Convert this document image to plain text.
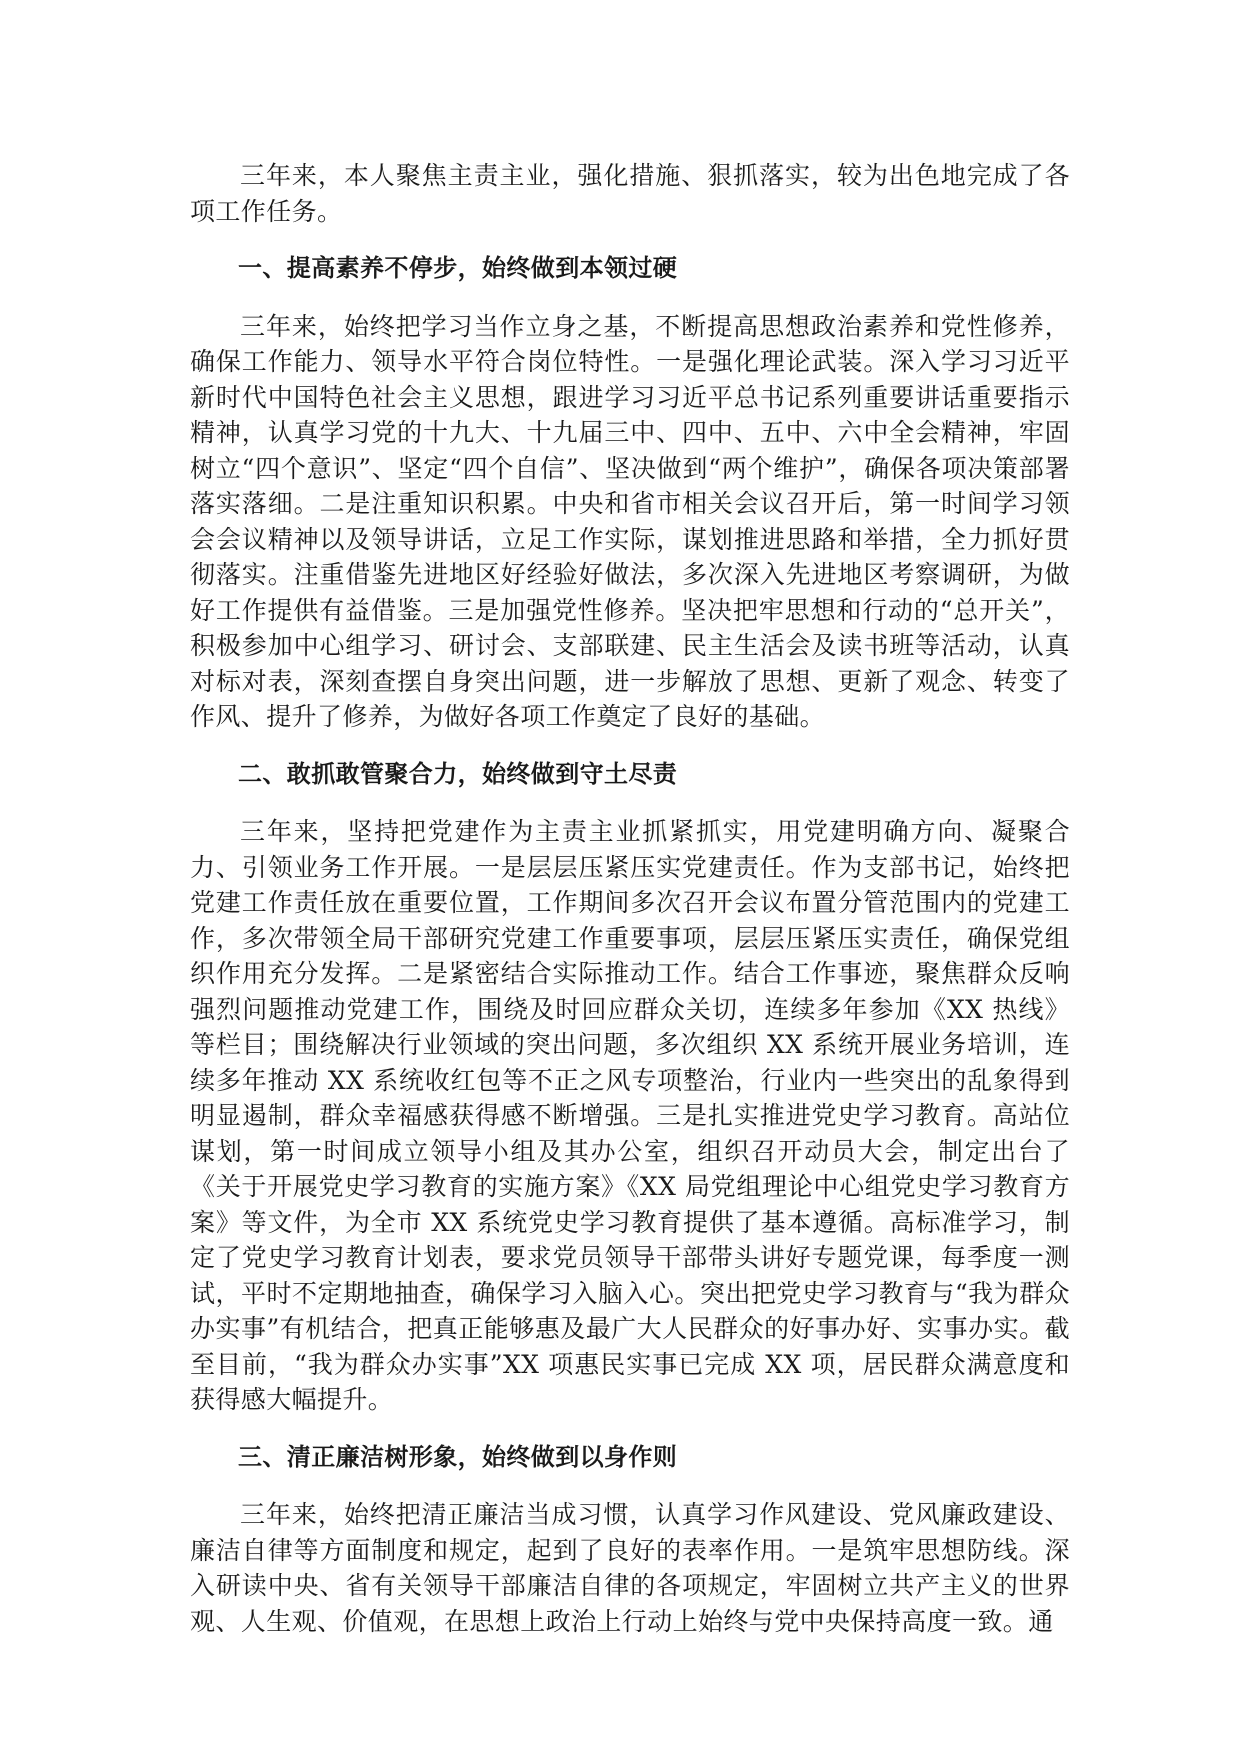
三年来，本人聚焦主责主业，强化措施、狠抓落实，较为出色地完成了各项工作任务。

一、提高素养不停步，始终做到本领过硬

三年来，始终把学习当作立身之基，不断提高思想政治素养和党性修养，确保工作能力、领导水平符合岗位特性。一是强化理论武装。深入学习习近平新时代中国特色社会主义思想，跟进学习习近平总书记系列重要讲话重要指示精神，认真学习党的十九大、十九届三中、四中、五中、六中全会精神，牢固树立“四个意识”、坚定“四个自信”、坚决做到“两个维护”，确保各项决策部署落实落细。二是注重知识积累。中央和省市相关会议召开后，第一时间学习领会会议精神以及领导讲话，立足工作实际，谋划推进思路和举措，全力抓好贯彻落实。注重借鉴先进地区好经验好做法，多次深入先进地区考察调研，为做好工作提供有益借鉴。三是加强党性修养。坚决把牢思想和行动的“总开关”，积极参加中心组学习、研讨会、支部联建、民主生活会及读书班等活动，认真对标对表，深刻查摆自身突出问题，进一步解放了思想、更新了观念、转变了作风、提升了修养，为做好各项工作奠定了良好的基础。

二、敢抓敢管聚合力，始终做到守土尽责

三年来，坚持把党建作为主责主业抓紧抓实，用党建明确方向、凝聚合力、引领业务工作开展。一是层层压紧压实党建责任。作为支部书记，始终把党建工作责任放在重要位置，工作期间多次召开会议布置分管范围内的党建工作，多次带领全局干部研究党建工作重要事项，层层压紧压实责任，确保党组织作用充分发挥。二是紧密结合实际推动工作。结合工作事迹，聚焦群众反响强烈问题推动党建工作，围绕及时回应群众关切，连续多年参加《XX 热线》等栏目；围绕解决行业领域的突出问题，多次组织 XX 系统开展业务培训，连续多年推动 XX 系统收红包等不正之风专项整治，行业内一些突出的乱象得到明显遏制，群众幸福感获得感不断增强。三是扎实推进党史学习教育。高站位谋划，第一时间成立领导小组及其办公室，组织召开动员大会，制定出台了《关于开展党史学习教育的实施方案》《XX 局党组理论中心组党史学习教育方案》等文件，为全市 XX 系统党史学习教育提供了基本遵循。高标准学习，制定了党史学习教育计划表，要求党员领导干部带头讲好专题党课，每季度一测试，平时不定期地抽查，确保学习入脑入心。突出把党史学习教育与“我为群众办实事”有机结合，把真正能够惠及最广大人民群众的好事办好、实事办实。截至目前，“我为群众办实事”XX 项惠民实事已完成 XX 项，居民群众满意度和获得感大幅提升。

三、清正廉洁树形象，始终做到以身作则

三年来，始终把清正廉洁当成习惯，认真学习作风建设、党风廉政建设、廉洁自律等方面制度和规定，起到了良好的表率作用。一是筑牢思想防线。深入研读中央、省有关领导干部廉洁自律的各项规定，牢固树立共产主义的世界观、人生观、价值观，在思想上政治上行动上始终与党中央保持高度一致。通
